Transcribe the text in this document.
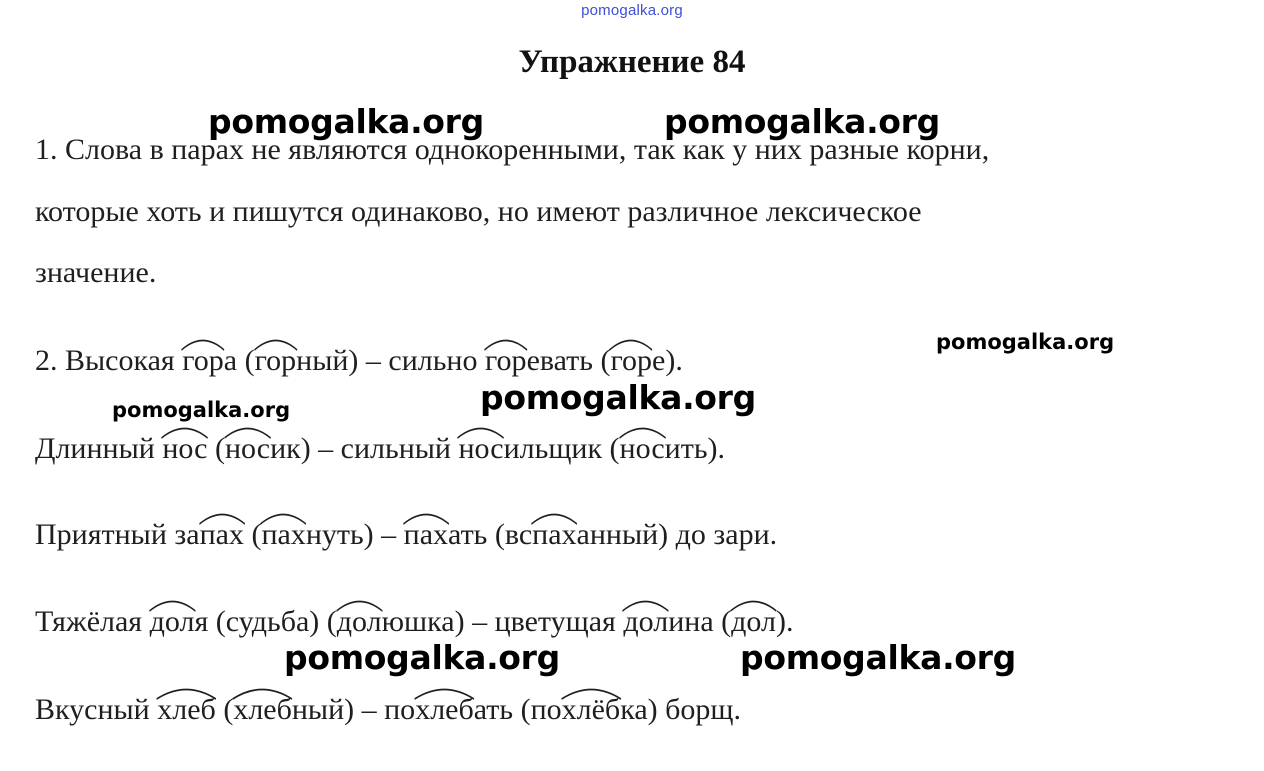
pomogalka.org
Упражнение 84
1. Слова в парах не являются однокоренными, так как у них разные корни,
которые хоть и пишутся одинаково, но имеют различное лексическое
значение.
2. Высокая гор
а (гор
ный) – сильно гор
евать (гор
е).
Длинный нос
(нос
ик) – сильный нос
ильщик (нос
ить).
Приятный запах
(пах
нуть) – пах
ать (вспах
анный) до зари.
Тяжёлая дол
я (судьба) (дол
юшка) – цветущая дол
ина (дол
).
Вкусный хлеб
(хлеб
ный) – похлеб
ать (похлёб
ка) борщ.
pomogalka.org	pomogalka.org
pomogalka.org
pomogalka.org	pomogalka.org
pomogalka.org	pomogalka.org
